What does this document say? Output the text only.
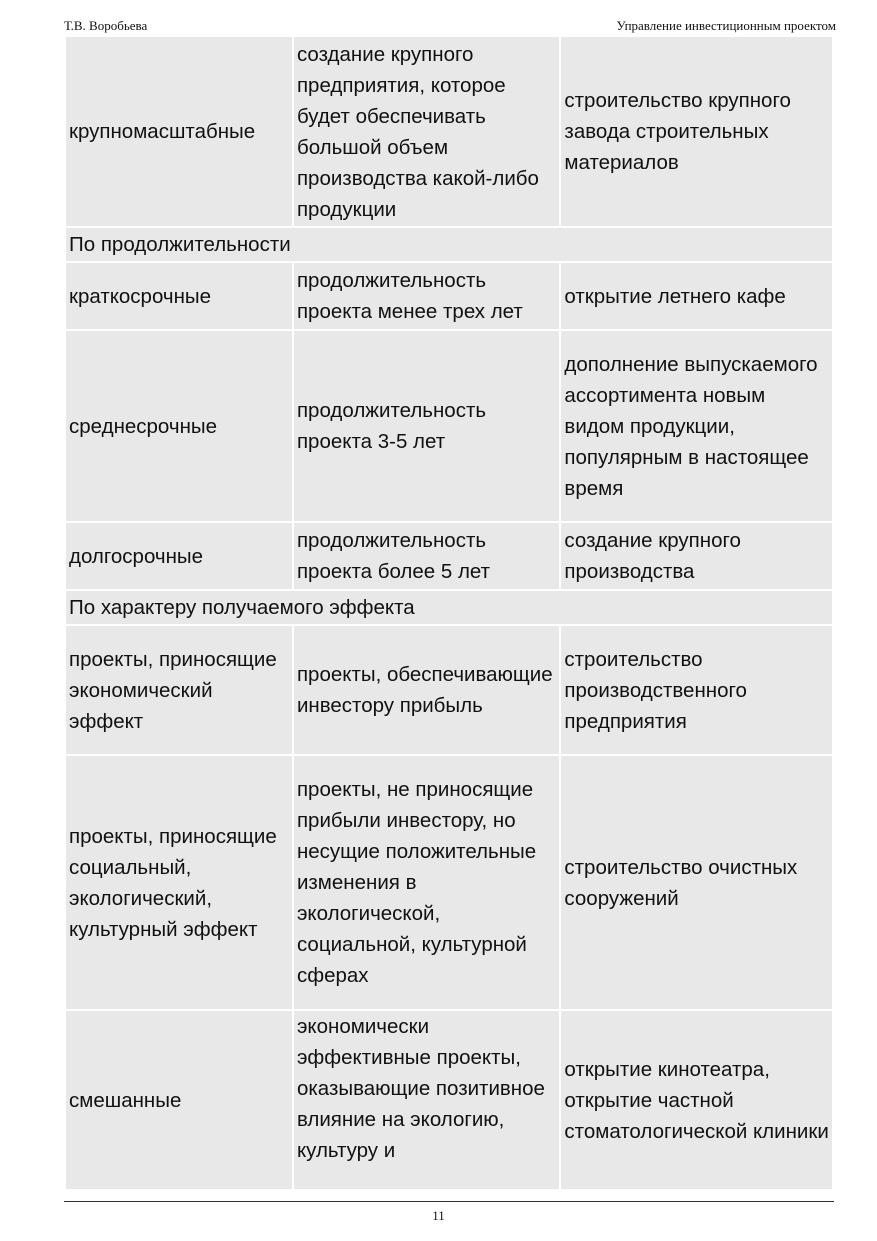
Т.В. Воробьева	Управление инвестиционным проектом
крупномасштабные	создание крупного предприятия, которое будет обеспечивать большой объем производства какой-либо продукции	строительство крупного завода строительных материалов
По продолжительности		
краткосрочные	продолжительность проекта менее трех лет	открытие летнего кафе
среднесрочные	продолжительность проекта 3-5 лет	дополнение выпускаемого ассортимента новым видом продукции, популярным в настоящее время
долгосрочные	продолжительность проекта более 5 лет	создание крупного производства
По характеру получаемого эффекта		
проекты, приносящие экономический эффект	проекты, обеспечивающие инвестору прибыль	строительство производственного предприятия
проекты, приносящие социальный, экологический, культурный эффект	проекты, не приносящие прибыли инвестору, но несущие положительные изменения в экологической, социальной, культурной сферах	строительство очистных сооружений
смешанные	экономически эффективные проекты, оказывающие позитивное влияние на экологию, культуру и	открытие кинотеатра, открытие частной стоматологической клиники
11
